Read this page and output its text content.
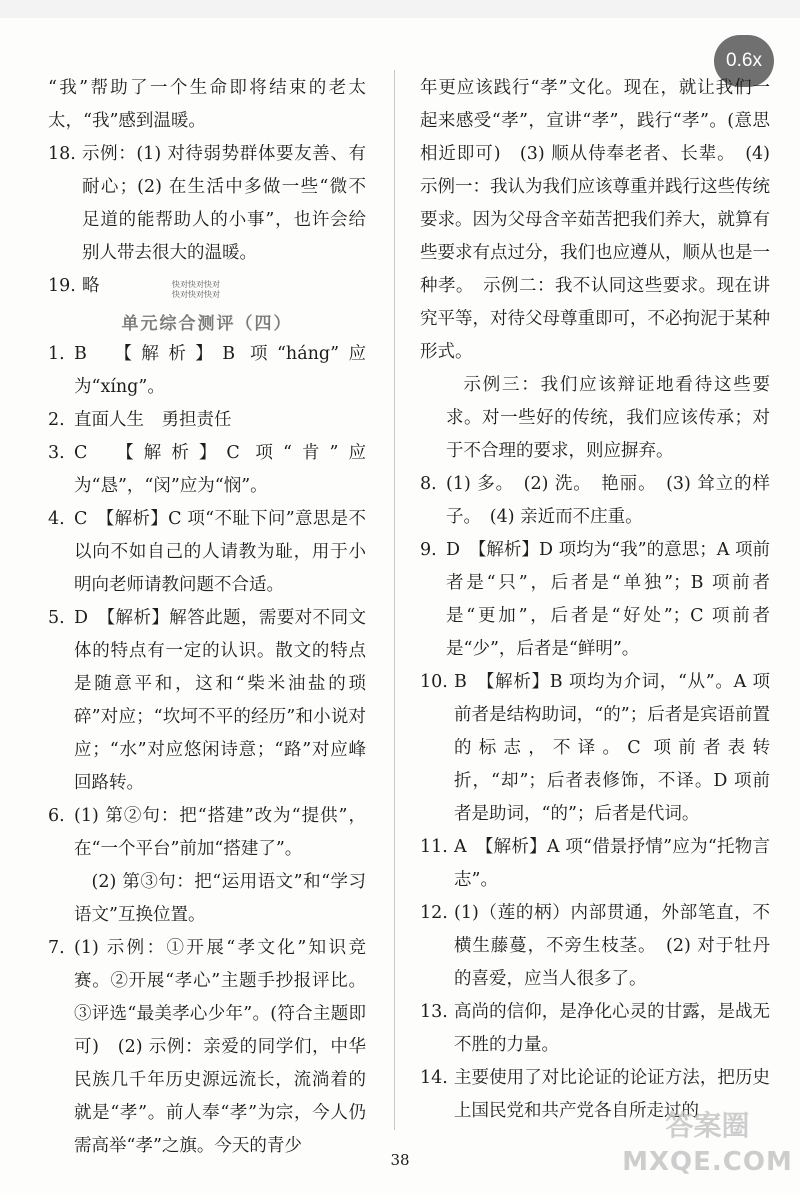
0.6x
“我”帮助了一个生命即将结束的老太太，“我”感到温暖。
18. 示例：(1) 对待弱势群体要友善、有耐心；(2) 在生活中多做一些“微不足道的能帮助人的小事”，也许会给别人带去很大的温暖。
19. 略
单元综合测评（四）
1. B　【解析】B 项“háng”应为“xíng”。
2. 直面人生　勇担责任
3. C　【解析】C 项“肯”应为“恳”，“闵”应为“悯”。
4. C　【解析】C 项“不耻下问”意思是不以向不如自己的人请教为耻，用于小明向老师请教问题不合适。
5. D　【解析】解答此题，需要对不同文体的特点有一定的认识。散文的特点是随意平和，这和“柴米油盐的琐碎”对应；“坎坷不平的经历”和小说对应；“水”对应悠闲诗意；“路”对应峰回路转。
6. (1) 第②句：把“搭建”改为“提供”，在“一个平台”前加“搭建了”。
(2) 第③句：把“运用语文”和“学习语文”互换位置。
7. (1) 示例：①开展“孝文化”知识竞赛。②开展“孝心”主题手抄报评比。③评选“最美孝心少年”。(符合主题即可)　(2) 示例：亲爱的同学们，中华民族几千年历史源远流长，流淌着的就是“孝”。前人奉“孝”为宗，今人仍需高举“孝”之旗。今天的青少
快对快对快对
快对快对快对
年更应该践行“孝”文化。现在，就让我们一起来感受“孝”，宣讲“孝”，践行“孝”。(意思相近即可)　(3) 顺从侍奉老者、长辈。　(4) 示例一：我认为我们应该尊重并践行这些传统要求。因为父母含辛茹苦把我们养大，就算有些要求有点过分，我们也应遵从，顺从也是一种孝。　示例二：我不认同这些要求。现在讲究平等，对待父母尊重即可，不必拘泥于某种形式。
示例三：我们应该辩证地看待这些要求。对一些好的传统，我们应该传承；对于不合理的要求，则应摒弃。
8. (1) 多。　(2) 洗。　艳丽。　(3) 耸立的样子。　(4) 亲近而不庄重。
9. D　【解析】D 项均为“我”的意思；A 项前者是“只”，后者是“单独”；B 项前者是“更加”，后者是“好处”；C 项前者是“少”，后者是“鲜明”。
10. B　【解析】B 项均为介词，“从”。A 项前者是结构助词，“的”；后者是宾语前置的标志，不译。C 项前者表转折，“却”；后者表修饰，不译。D 项前者是助词，“的”；后者是代词。
11. A　【解析】A 项“借景抒情”应为“托物言志”。
12. (1)（莲的柄）内部贯通，外部笔直，不横生藤蔓，不旁生枝茎。　(2) 对于牡丹的喜爱，应当人很多了。
13. 高尚的信仰，是净化心灵的甘露，是战无不胜的力量。
14. 主要使用了对比论证的论证方法，把历史上国民党和共产党各自所走过的
38
答案圈
MXQE.COM
